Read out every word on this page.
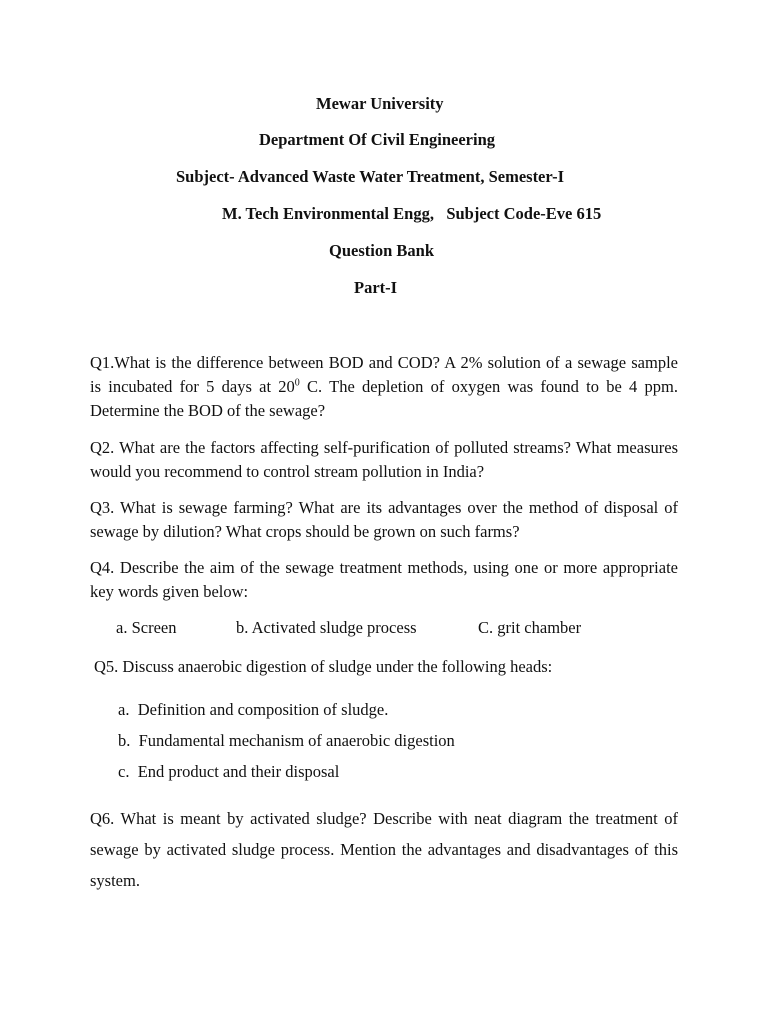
Mewar University
Department Of Civil Engineering
Subject- Advanced Waste Water Treatment, Semester-I
M. Tech Environmental Engg,   Subject Code-Eve 615
Question Bank
Part-I
Q1.What is the difference between BOD and COD? A 2% solution of a sewage sample is incubated for 5 days at $20^0$ C. The depletion of oxygen was found to be 4 ppm. Determine the BOD of the sewage?
Q2. What are the factors affecting self-purification of polluted streams? What measures would you recommend to control stream pollution in India?
Q3. What is sewage farming? What are its advantages over the method of disposal of sewage by dilution? What crops should be grown on such farms?
Q4. Describe the aim of the sewage treatment methods, using one or more appropriate key words given below:
a. Screen	b. Activated sludge process	C. grit chamber
Q5. Discuss anaerobic digestion of sludge under the following heads:
a.  Definition and composition of sludge.
b.  Fundamental mechanism of anaerobic digestion
c.  End product and their disposal
Q6. What is meant by activated sludge? Describe with neat diagram the treatment of sewage by activated sludge process. Mention the advantages and disadvantages of this system.
